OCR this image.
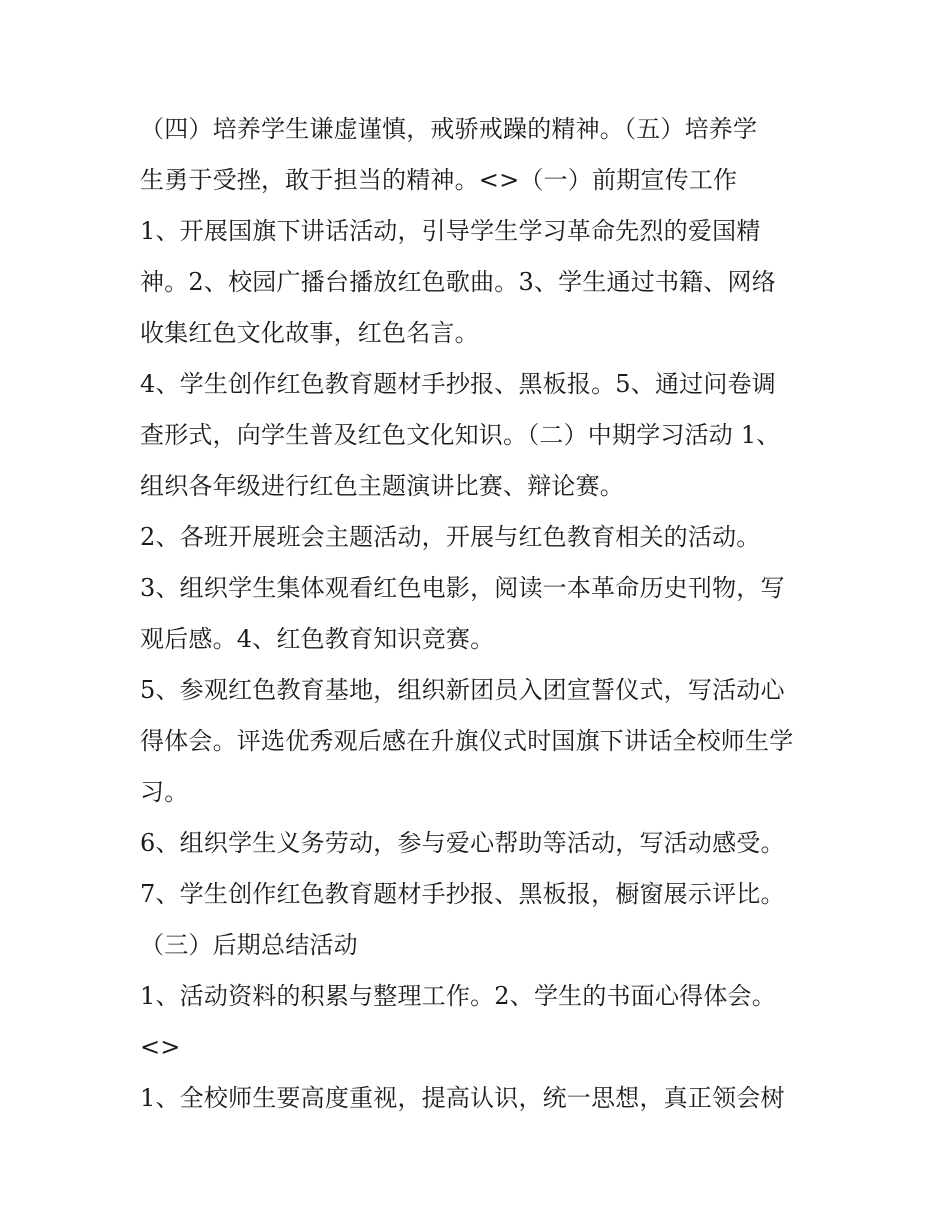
（四）培养学生谦虚谨慎，戒骄戒躁的精神。（五）培养学
生勇于受挫，敢于担当的精神。<>（一）前期宣传工作
1、开展国旗下讲话活动，引导学生学习革命先烈的爱国精
神。2、校园广播台播放红色歌曲。3、学生通过书籍、网络
收集红色文化故事，红色名言。
4、学生创作红色教育题材手抄报、黑板报。5、通过问卷调
查形式，向学生普及红色文化知识。（二）中期学习活动 1、
组织各年级进行红色主题演讲比赛、辩论赛。
2、各班开展班会主题活动，开展与红色教育相关的活动。
3、组织学生集体观看红色电影，阅读一本革命历史刊物，写
观后感。4、红色教育知识竞赛。
5、参观红色教育基地，组织新团员入团宣誓仪式，写活动心
得体会。评选优秀观后感在升旗仪式时国旗下讲话全校师生学
习。
6、组织学生义务劳动，参与爱心帮助等活动，写活动感受。
7、学生创作红色教育题材手抄报、黑板报，橱窗展示评比。
（三）后期总结活动
1、活动资料的积累与整理工作。2、学生的书面心得体会。
<>
1、全校师生要高度重视，提高认识，统一思想，真正领会树
